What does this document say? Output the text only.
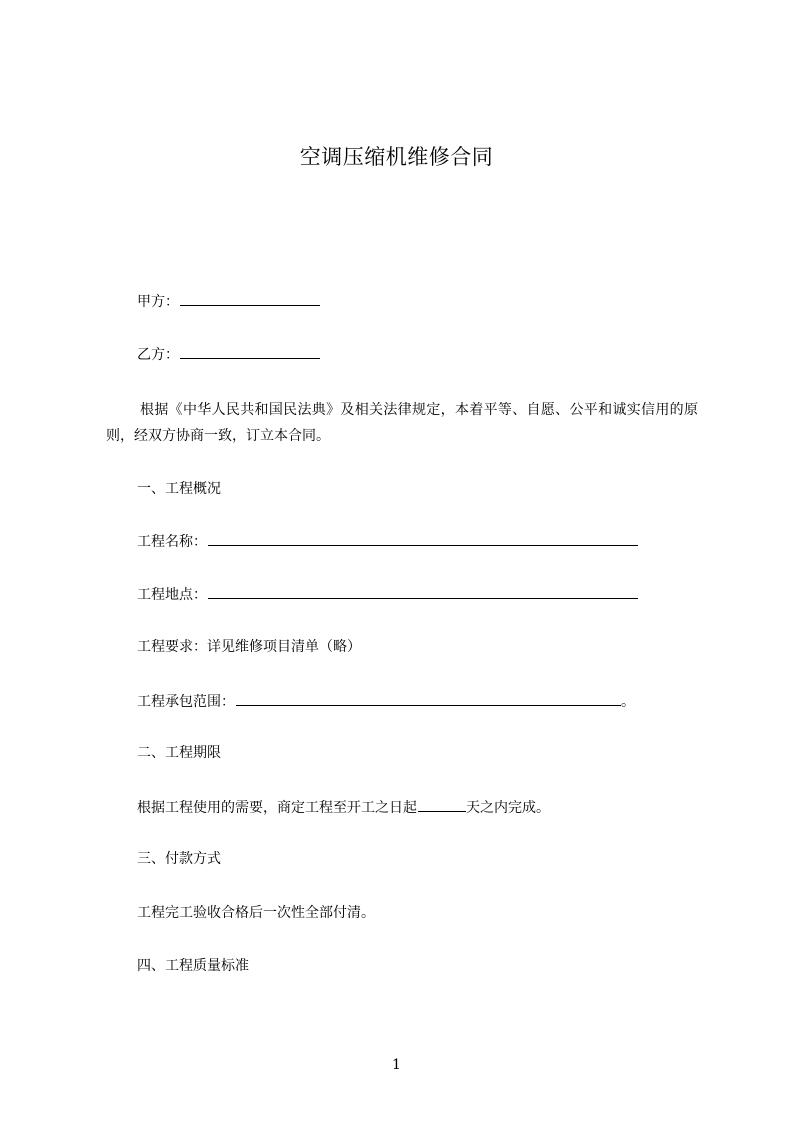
空调压缩机维修合同
甲方：
乙方：
根据《中华人民共和国民法典》及相关法律规定，本着平等、自愿、公平和诚实信用的原则，经双方协商一致，订立本合同。
一、工程概况
工程名称：
工程地点：
工程要求：详见维修项目清单（略）
工程承包范围：	。
二、工程期限
根据工程使用的需要，商定工程至开工之日起	天之内完成。
三、付款方式
工程完工验收合格后一次性全部付清。
四、工程质量标准
1
